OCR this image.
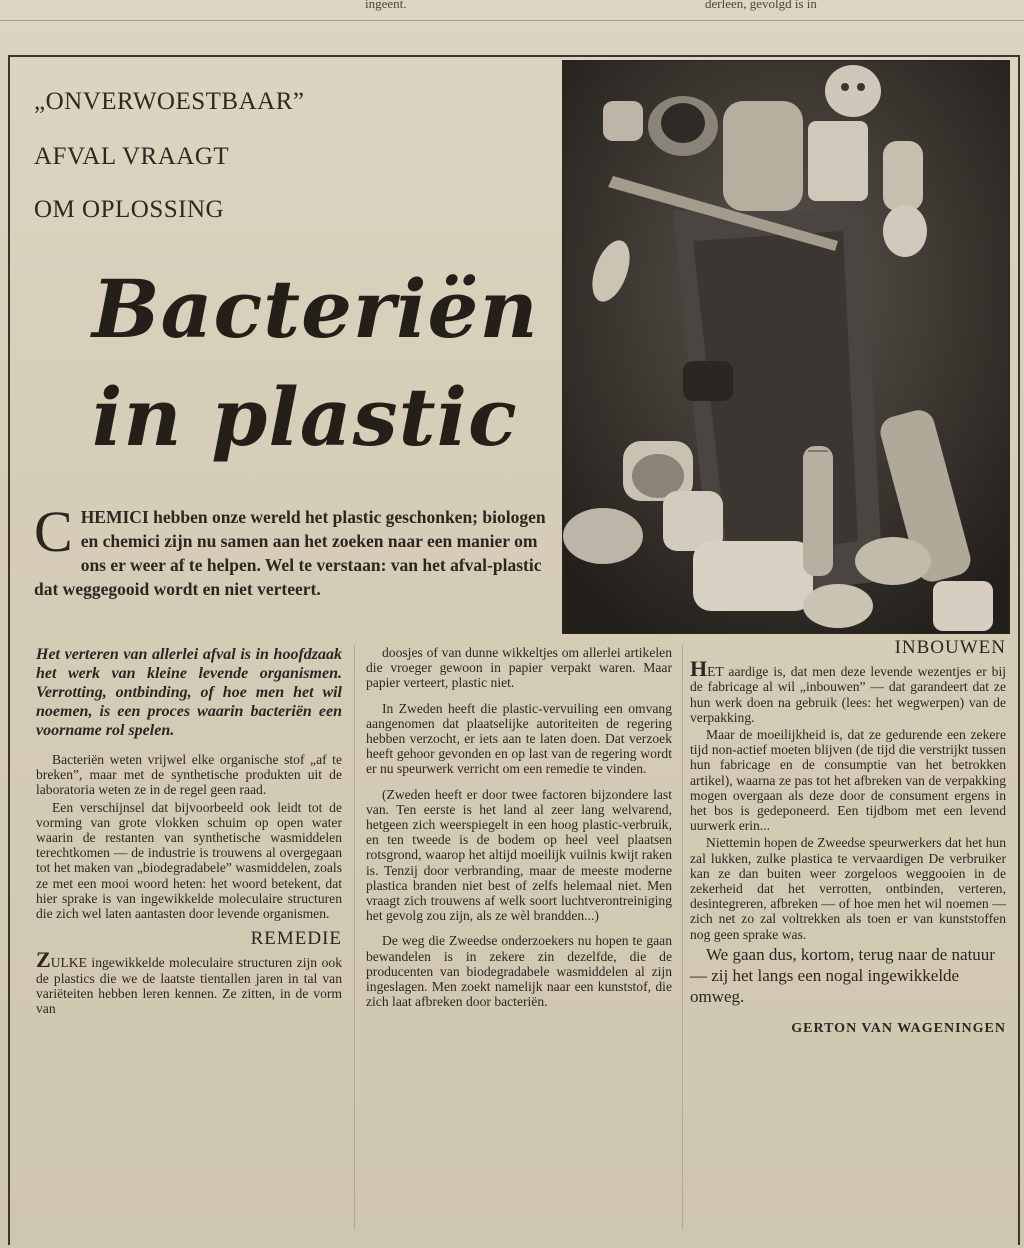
ingeent.	derleen, gevolgd is in
„ONVERWOESTBAAR”
AFVAL VRAAGT
OM OPLOSSING
Bacteriën
in plastic
CHEMICI hebben onze wereld het plastic geschonken; biologen en chemici zijn nu samen aan het zoeken naar een manier om ons er weer af te helpen. Wel te verstaan: van het afval-plastic dat weggegooid wordt en niet verteert.

Het verteren van allerlei afval is in hoofdzaak het werk van kleine levende organismen. Verrotting, ontbinding, of hoe men het wil noemen, is een proces waarin bacteriën een voorname rol spelen.

Bacteriën weten vrijwel elke organische stof „af te breken”, maar met de synthetische produkten uit de laboratoria weten ze in de regel geen raad.

Een verschijnsel dat bijvoorbeeld ook leidt tot de vorming van grote vlokken schuim op open water waarin de restanten van synthetische wasmiddelen terechtkomen — de industrie is trouwens al overgegaan tot het maken van „biodegradabele” wasmiddelen, zoals ze met een mooi woord heten: het woord betekent, dat hier sprake is van ingewikkelde moleculaire structuren die zich wel laten aantasten door levende organismen.

REMEDIE

ZULKE ingewikkelde moleculaire structuren zijn ook de plastics die we de laatste tientallen jaren in tal van variëteiten hebben leren kennen. Ze zitten, in de vorm van

doosjes of van dunne wikkeltjes om allerlei artikelen die vroeger gewoon in papier verpakt waren. Maar papier verteert, plastic niet.

In Zweden heeft die plastic-vervuiling een omvang aangenomen dat plaatselijke autoriteiten de regering hebben verzocht, er iets aan te laten doen. Dat verzoek heeft gehoor gevonden en op last van de regering wordt er nu speurwerk verricht om een remedie te vinden.

(Zweden heeft er door twee factoren bijzondere last van. Ten eerste is het land al zeer lang welvarend, hetgeen zich weerspiegelt in een hoog plastic-verbruik, en ten tweede is de bodem op heel veel plaatsen rotsgrond, waarop het altijd moeilijk vuilnis kwijt raken is. Tenzij door verbranding, maar de meeste moderne plastica branden niet best of zelfs helemaal niet. Men vraagt zich trouwens af welk soort luchtverontreiniging het gevolg zou zijn, als ze wèl brandden...)

De weg die Zweedse onderzoekers nu hopen te gaan bewandelen is in zekere zin dezelfde, die de producenten van biodegradabele wasmiddelen al zijn ingeslagen. Men zoekt namelijk naar een kunststof, die zich laat afbreken door bacteriën.

INBOUWEN

HET aardige is, dat men deze levende wezentjes er bij de fabricage al wil „inbouwen” — dat garandeert dat ze hun werk doen na gebruik (lees: het wegwerpen) van de verpakking.

Maar de moeilijkheid is, dat ze gedurende een zekere tijd non-actief moeten blijven (de tijd die verstrijkt tussen hun fabricage en de consumptie van het betrokken artikel), waarna ze pas tot het afbreken van de verpakking mogen overgaan als deze door de consument ergens in het bos is gedeponeerd. Een tijdbom met een levend uurwerk erin...

Niettemin hopen de Zweedse speurwerkers dat het hun zal lukken, zulke plastica te vervaardigen De verbruiker kan ze dan buiten weer zorgeloos weggooien in de zekerheid dat het verrotten, ontbinden, verteren, desintegreren, afbreken — of hoe men het wil noemen — zich net zo zal voltrekken als toen er van kunststoffen nog geen sprake was.

We gaan dus, kortom, terug naar de natuur — zij het langs een nogal ingewikkelde omweg.

GERTON VAN WAGENINGEN
